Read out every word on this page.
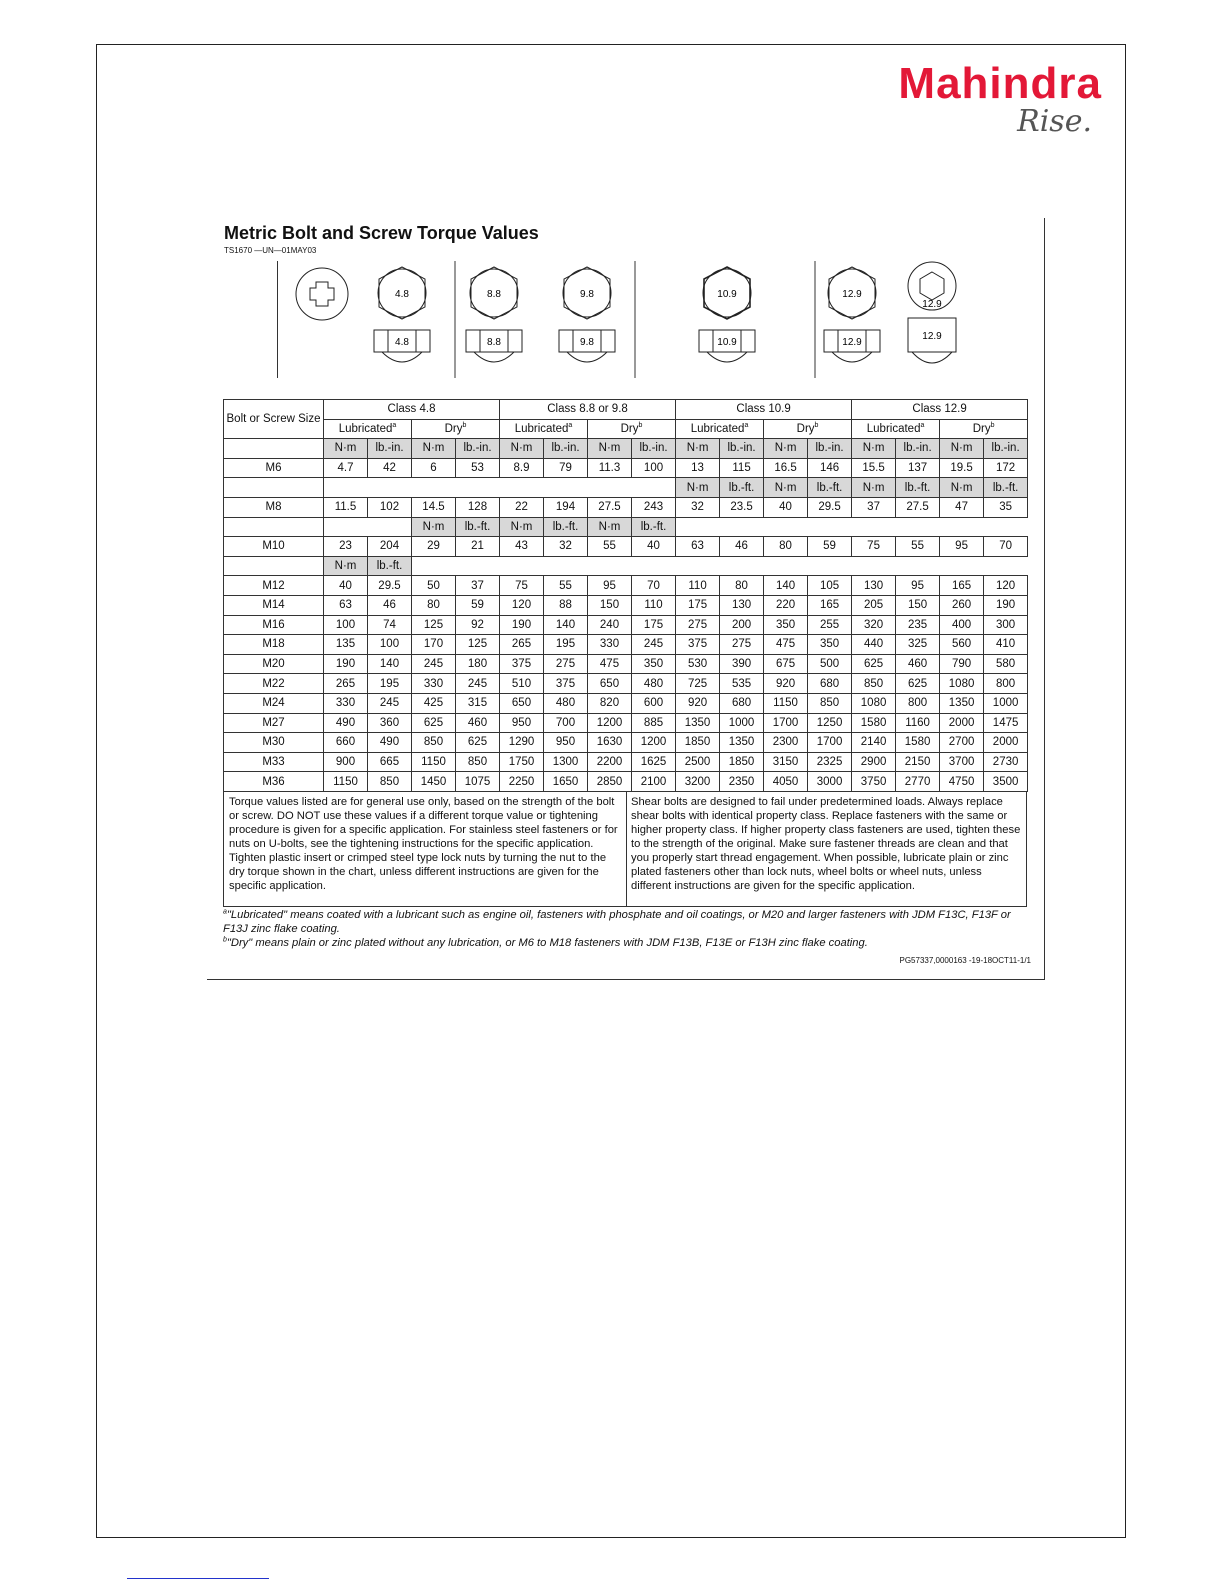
Mahindra
Rise.
Metric Bolt and Screw Torque Values
TS1670 —UN—01MAY03
4.8
4.8
8.8
8.8
9.8
9.8
10.9
10.9
12.9
12.9
12.9
12.9
Bolt or Screw Size	Class 4.8				Class 8.8 or 9.8				Class 10.9				Class 12.9			
	Lubricated$^a$		Dry$^b$		Lubricated$^a$		Dry$^b$		Lubricated$^a$		Dry$^b$		Lubricated$^a$		Dry$^b$
	N·m	lb.-in.	N·m	lb.-in.	N·m	lb.-in.	N·m	lb.-in.	N·m	lb.-in.	N·m	lb.-in.	N·m	lb.-in.	N·m	lb.-in.
M6	4.7	42	6	53	8.9	79	11.3	100	13	115	16.5	146	15.5	137	19.5	172
									N·m	lb.-ft.	N·m	lb.-ft.	N·m	lb.-ft.	N·m	lb.-ft.
M8	11.5	102	14.5	128	22	194	27.5	243	32	23.5	40	29.5	37	27.5	47	35
			N·m	lb.-ft.	N·m	lb.-ft.	N·m	lb.-ft.								
M10	23	204	29	21	43	32	55	40	63	46	80	59	75	55	95	70
	N·m	lb.-ft.														
M12	40	29.5	50	37	75	55	95	70	110	80	140	105	130	95	165	120
M14	63	46	80	59	120	88	150	110	175	130	220	165	205	150	260	190
M16	100	74	125	92	190	140	240	175	275	200	350	255	320	235	400	300
M18	135	100	170	125	265	195	330	245	375	275	475	350	440	325	560	410
M20	190	140	245	180	375	275	475	350	530	390	675	500	625	460	790	580
M22	265	195	330	245	510	375	650	480	725	535	920	680	850	625	1080	800
M24	330	245	425	315	650	480	820	600	920	680	1150	850	1080	800	1350	1000
M27	490	360	625	460	950	700	1200	885	1350	1000	1700	1250	1580	1160	2000	1475
M30	660	490	850	625	1290	950	1630	1200	1850	1350	2300	1700	2140	1580	2700	2000
M33	900	665	1150	850	1750	1300	2200	1625	2500	1850	3150	2325	2900	2150	3700	2730
M36	1150	850	1450	1075	2250	1650	2850	2100	3200	2350	4050	3000	3750	2770	4750	3500
Torque values listed are for general use only, based on the strength of the bolt or screw. DO NOT use these values if a different torque value or tightening procedure is given for a specific application. For stainless steel fasteners or for nuts on U-bolts, see the tightening instructions for the specific application. Tighten plastic insert or crimped steel type lock nuts by turning the nut to the dry torque shown in the chart, unless different instructions are given for the specific application.
Shear bolts are designed to fail under predetermined loads. Always replace shear bolts with identical property class. Replace fasteners with the same or higher property class. If higher property class fasteners are used, tighten these to the strength of the original. Make sure fastener threads are clean and that you properly start thread engagement. When possible, lubricate plain or zinc plated fasteners other than lock nuts, wheel bolts or wheel nuts, unless different instructions are given for the specific application.
$^a$"Lubricated" means coated with a lubricant such as engine oil, fasteners with phosphate and oil coatings, or M20 and larger fasteners with JDM F13C, F13F or F13J zinc flake coating.
$^b$"Dry" means plain or zinc plated without any lubrication, or M6 to M18 fasteners with JDM F13B, F13E or F13H zinc flake coating.
PG57337,0000163 -19-18OCT11-1/1
